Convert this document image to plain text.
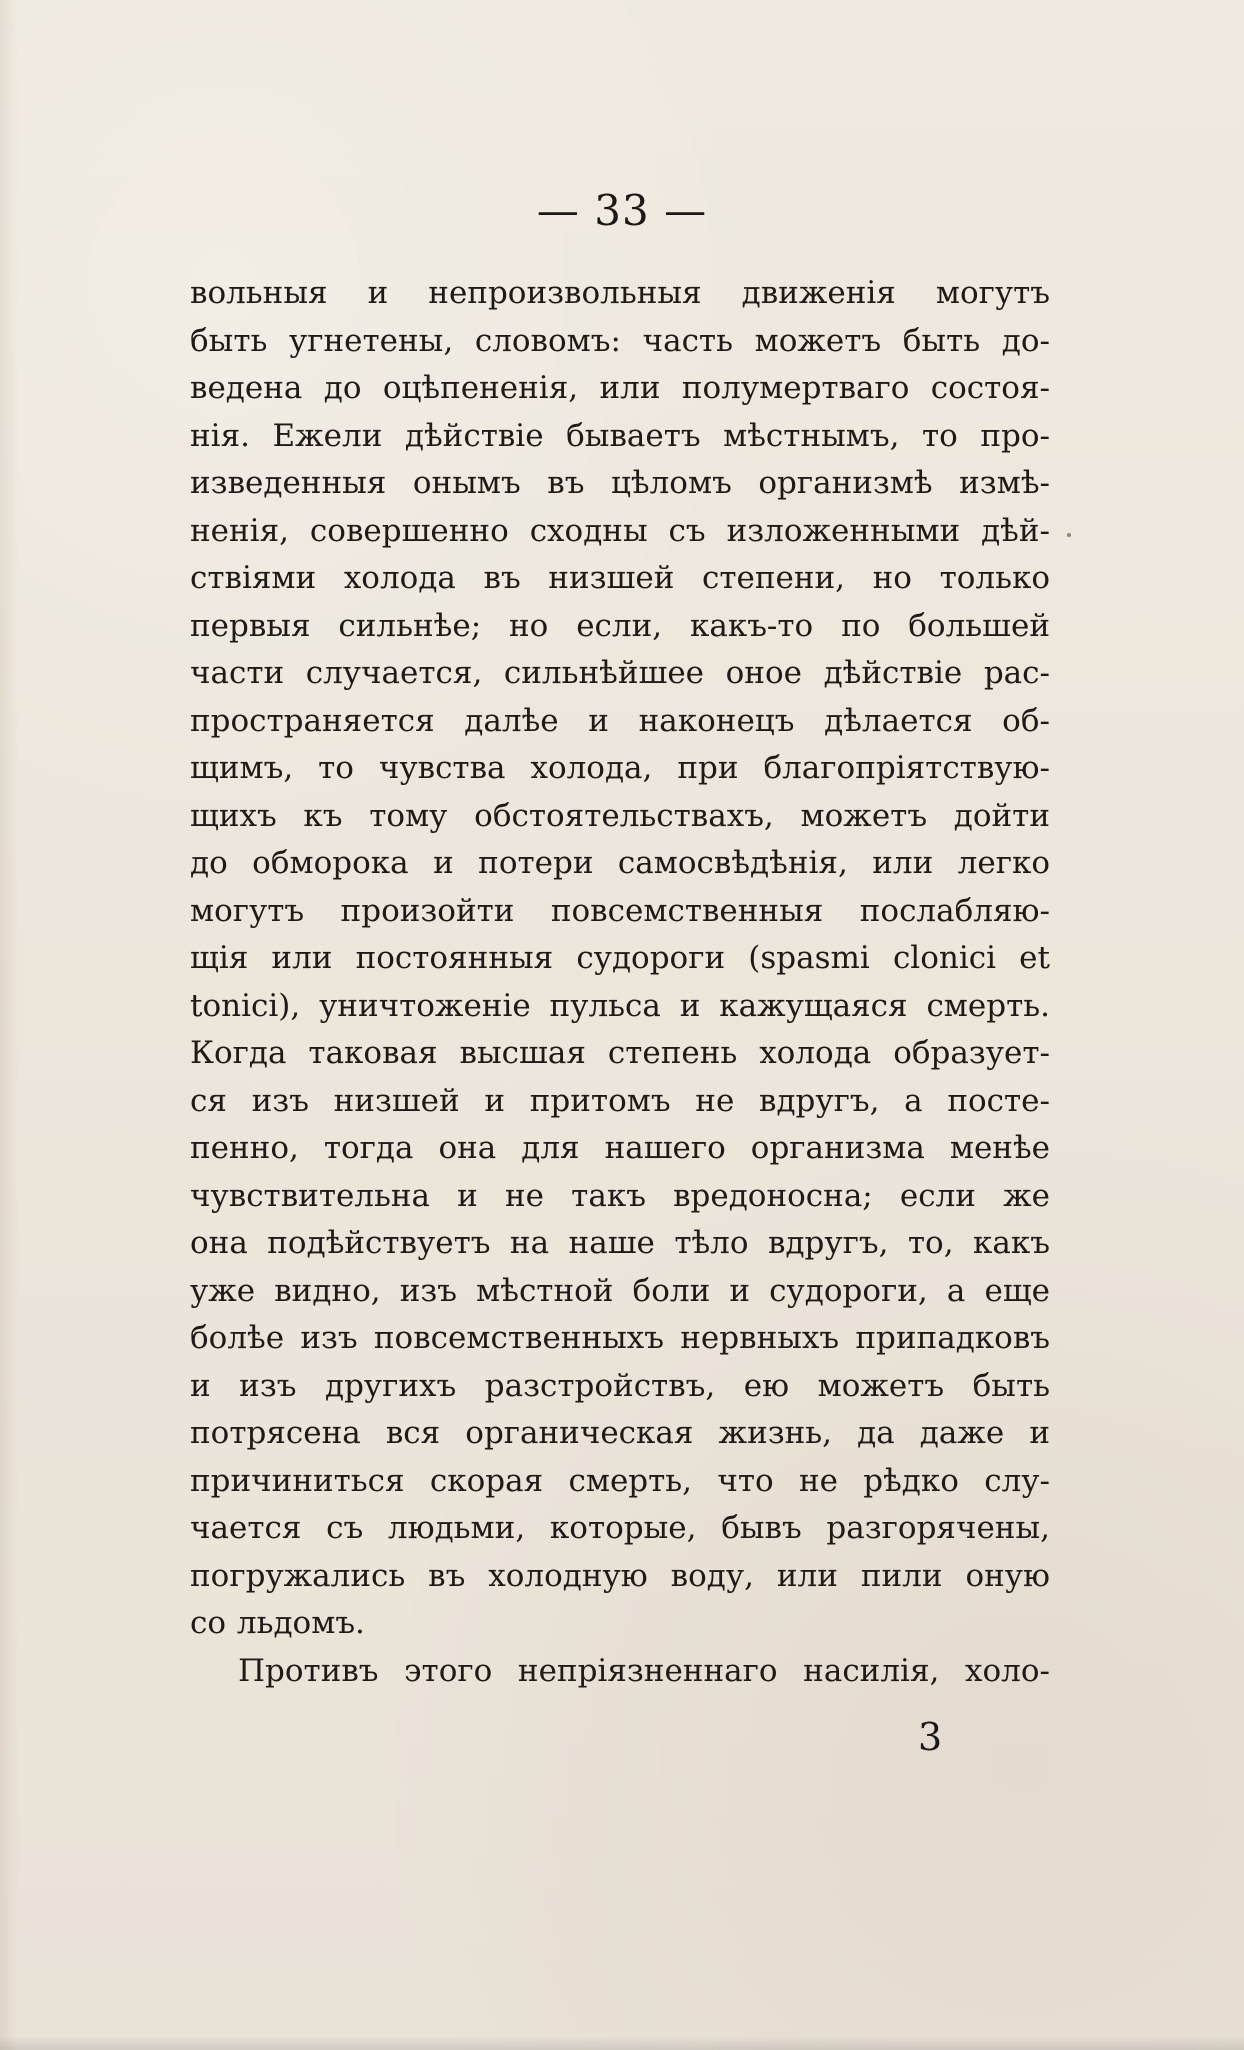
— 33 —
вольныя и непроизвольныя движенія могутъ
быть угнетены, словомъ: часть можетъ быть до-
ведена до оцѣпененія, или полумертваго состоя-
нія. Ежели дѣйствіе бываетъ мѣстнымъ, то про-
изведенныя онымъ въ цѣломъ организмѣ измѣ-
ненія, совершенно сходны съ изложенными дѣй-
ствіями холода въ низшей степени, но только
первыя сильнѣе; но если, какъ-то по большей
части случается, сильнѣйшее оное дѣйствіе рас-
пространяется далѣе и наконецъ дѣлается об-
щимъ, то чувства холода, при благопріятствую-
щихъ къ тому обстоятельствахъ, можетъ дойти
до обморока и потери самосвѣдѣнія, или легко
могутъ произойти повсемственныя послабляю-
щія или постоянныя судороги (spasmi clonici et
tonici), уничтоженіе пульса и кажущаяся смерть.
Когда таковая высшая степень холода образует-
ся изъ низшей и притомъ не вдругъ, а посте-
пенно, тогда она для нашего организма менѣе
чувствительна и не такъ вредоносна; если же
она подѣйствуетъ на наше тѣло вдругъ, то, какъ
уже видно, изъ мѣстной боли и судороги, а еще
болѣе изъ повсемственныхъ нервныхъ припадковъ
и изъ другихъ разстройствъ, ею можетъ быть
потрясена вся органическая жизнь, да даже и
причиниться скорая смерть, что не рѣдко слу-
чается съ людьми, которые, бывъ разгорячены,
погружались въ холодную воду, или пили оную
со льдомъ.
Противъ этого непріязненнаго насилія, холо-
3
